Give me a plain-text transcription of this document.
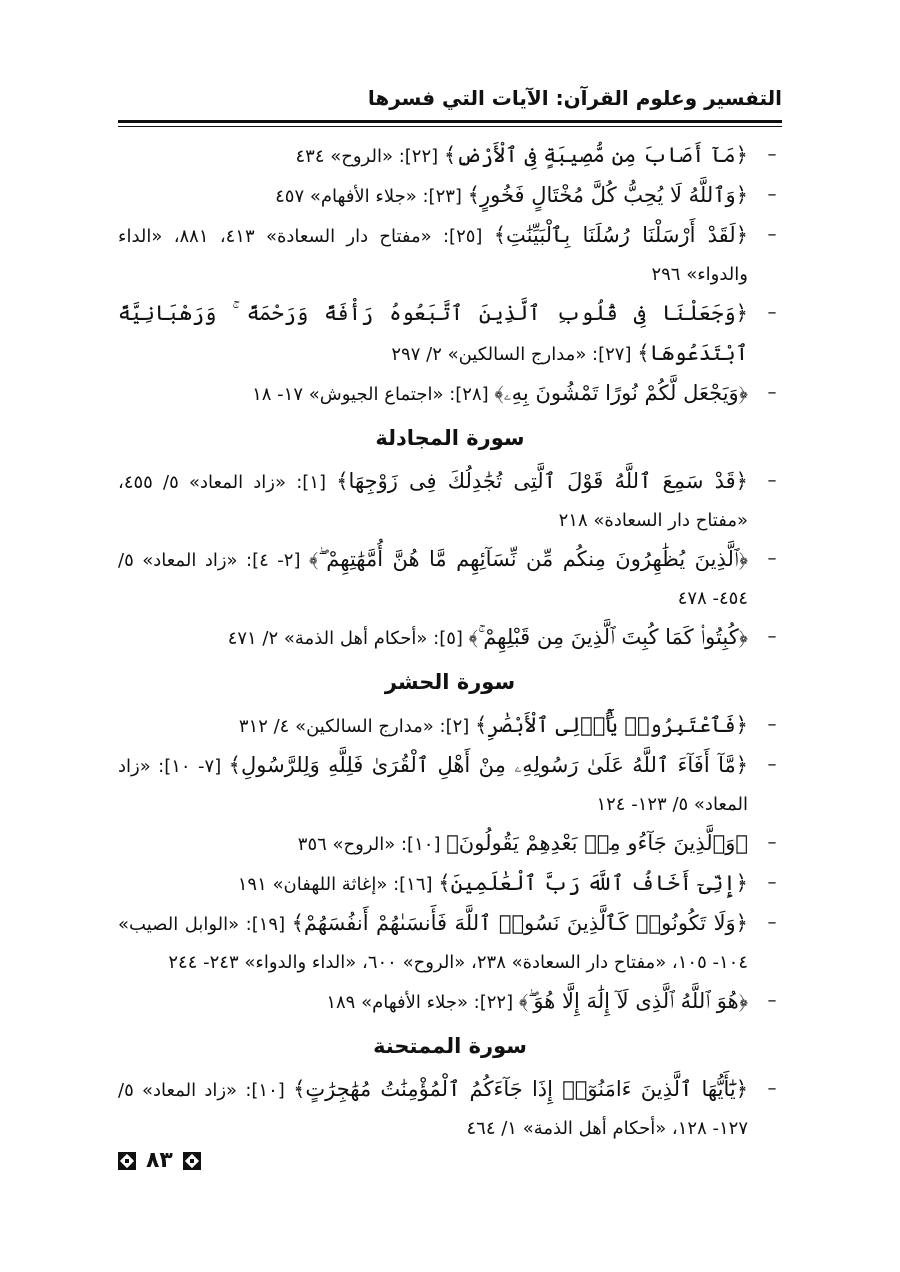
التفسير وعلوم القرآن: الآيات التي فسرها
–
﴿مَآ أَصَابَ مِن مُّصِيبَةٍ فِى ٱلْأَرْضِ﴾ [٢٢]: «الروح» ٤٣٤
–
﴿وَٱللَّهُ لَا يُحِبُّ كُلَّ مُخْتَالٍ فَخُورٍ﴾ [٢٣]: «جلاء الأفهام» ٤٥٧
–
﴿لَقَدْ أَرْسَلْنَا رُسُلَنَا بِٱلْبَيِّنَٰتِ﴾ [٢٥]: «مفتاح دار السعادة» ٤١٣، ٨٨١، «الداء والدواء» ٢٩٦
–
﴿وَجَعَلْنَا فِى قُلُوبِ ٱلَّذِينَ ٱتَّبَعُوهُ رَأْفَةً وَرَحْمَةً ۚ وَرَهْبَانِيَّةً ٱبْتَدَعُوهَا﴾ [٢٧]: «مدارج السالكين» ٢/ ٢٩٧
–
﴿وَيَجْعَل لَّكُمْ نُورًا تَمْشُونَ بِهِۦ﴾ [٢٨]: «اجتماع الجيوش» ١٧- ١٨
سورة المجادلة
–
﴿قَدْ سَمِعَ ٱللَّهُ قَوْلَ ٱلَّتِى تُجَٰدِلُكَ فِى زَوْجِهَا﴾ [١]: «زاد المعاد» ٥/ ٤٥٥، «مفتاح دار السعادة» ٢١٨
–
﴿ٱلَّذِينَ يُظَٰهِرُونَ مِنكُم مِّن نِّسَآئِهِم مَّا هُنَّ أُمَّهَٰتِهِمْ ۖ﴾ [٢- ٤]: «زاد المعاد» ٥/ ٤٥٤- ٤٧٨
–
﴿كُبِتُوا۟ كَمَا كُبِتَ ٱلَّذِينَ مِن قَبْلِهِمْ ۚ﴾ [٥]: «أحكام أهل الذمة» ٢/ ٤٧١
سورة الحشر
–
﴿فَٱعْتَبِرُوا۟ يَٰٓأُو۟لِى ٱلْأَبْصَٰرِ﴾ [٢]: «مدارج السالكين» ٤/ ٣١٢
–
﴿مَّآ أَفَآءَ ٱللَّهُ عَلَىٰ رَسُولِهِۦ مِنْ أَهْلِ ٱلْقُرَىٰ فَلِلَّهِ وَلِلرَّسُولِ﴾ [٧- ١٠]: «زاد المعاد» ٥/ ١٢٣- ١٢٤
–
﴿وَٱلَّذِينَ جَآءُو مِنۢ بَعْدِهِمْ يَقُولُونَ﴾ [١٠]: «الروح» ٣٥٦
–
﴿إِنِّىٓ أَخَافُ ٱللَّهَ رَبَّ ٱلْعَٰلَمِينَ﴾ [١٦]: «إغاثة اللهفان» ١٩١
–
﴿وَلَا تَكُونُوا۟ كَٱلَّذِينَ نَسُوا۟ ٱللَّهَ فَأَنسَىٰهُمْ أَنفُسَهُمْ﴾ [١٩]: «الوابل الصيب» ١٠٤- ١٠٥، «مفتاح دار السعادة» ٢٣٨، «الروح» ٦٠٠، «الداء والدواء» ٢٤٣- ٢٤٤
–
﴿هُوَ ٱللَّهُ ٱلَّذِى لَآ إِلَٰهَ إِلَّا هُوَ ۖ﴾ [٢٢]: «جلاء الأفهام» ١٨٩
سورة الممتحنة
–
﴿يَٰٓأَيُّهَا ٱلَّذِينَ ءَامَنُوٓا۟ إِذَا جَآءَكُمُ ٱلْمُؤْمِنَٰتُ مُهَٰجِرَٰتٍ﴾ [١٠]: «زاد المعاد» ٥/ ١٢٧- ١٢٨، «أحكام أهل الذمة» ١/ ٤٦٤
٨٣
